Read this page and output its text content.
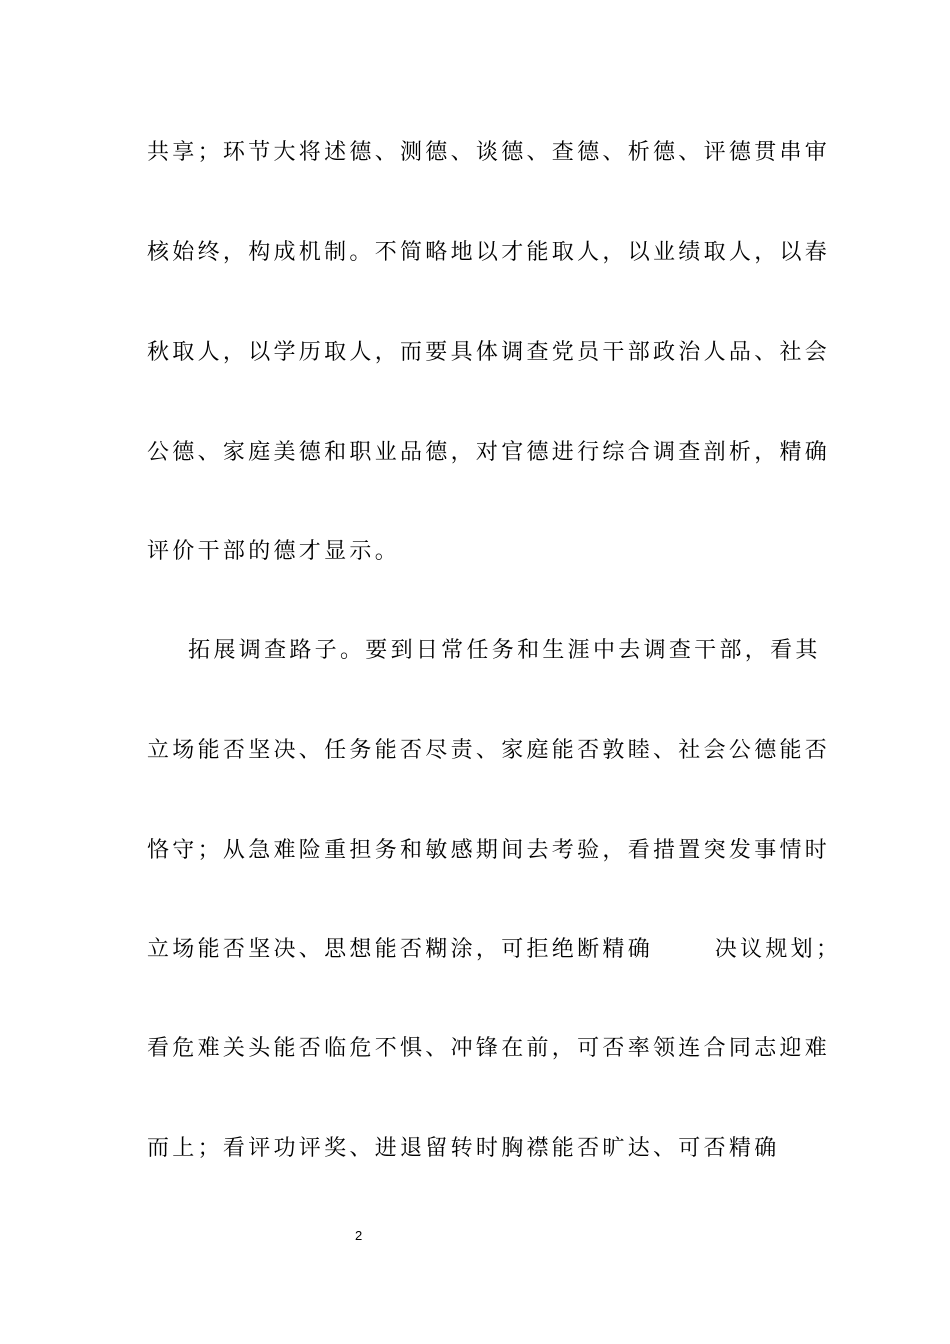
共享；环节大将述德、测德、谈德、查德、析德、评德贯串审
核始终，构成机制。不简略地以才能取人，以业绩取人，以春
秋取人，以学历取人，而要具体调查党员干部政治人品、社会
公德、家庭美德和职业品德，对官德进行综合调查剖析，精确
评价干部的德才显示。
拓展调查路子。要到日常任务和生涯中去调查干部，看其
立场能否坚决、任务能否尽责、家庭能否敦睦、社会公德能否
恪守；从急难险重担务和敏感期间去考验，看措置突发事情时
立场能否坚决、思想能否糊涂，可拒绝断精确      决议规划；
看危难关头能否临危不惧、冲锋在前，可否率领连合同志迎难
而上；看评功评奖、进退留转时胸襟能否旷达、可否精确
2
